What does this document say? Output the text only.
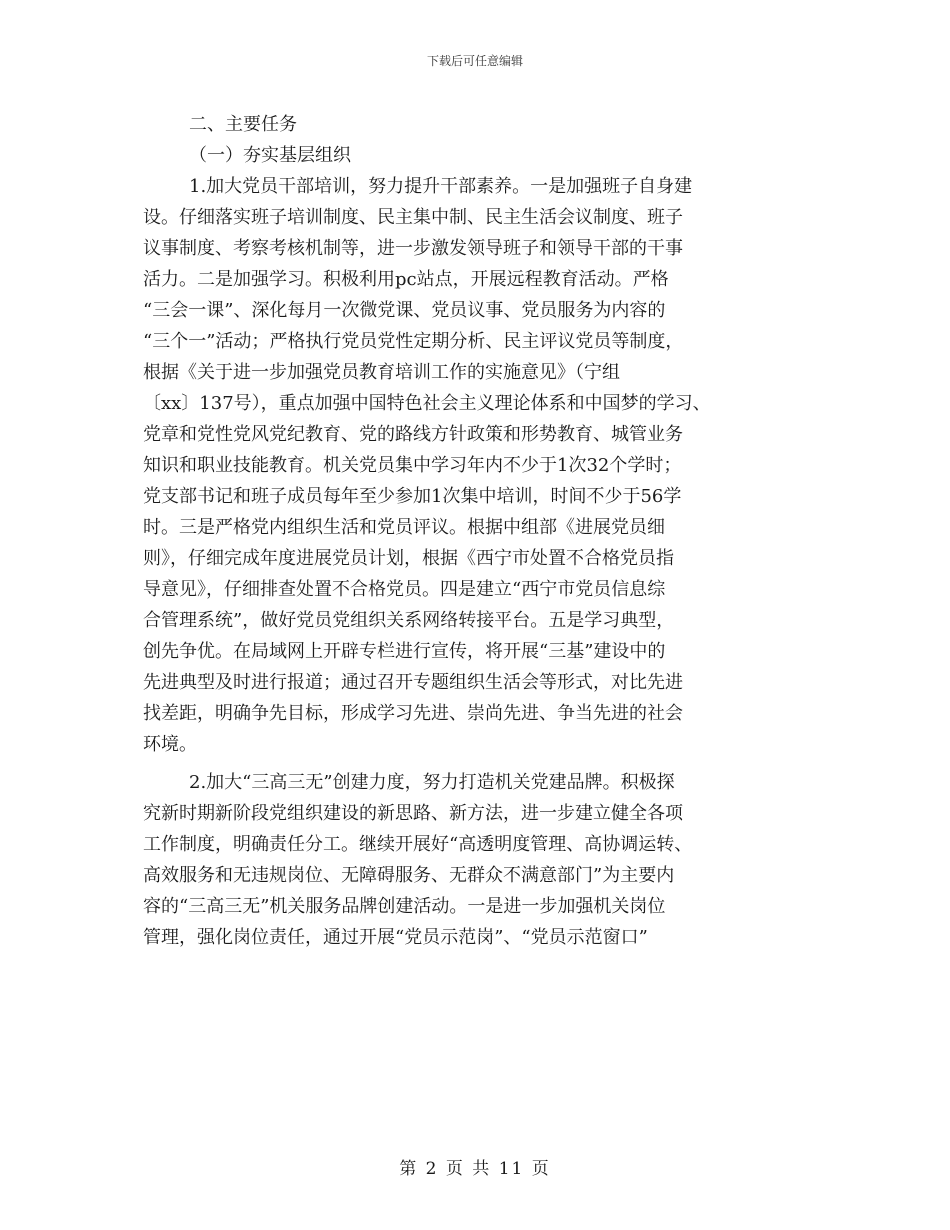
下载后可任意编辑
二、主要任务
（一）夯实基层组织
1.加大党员干部培训，努力提升干部素养。一是加强班子自身建
设。仔细落实班子培训制度、民主集中制、民主生活会议制度、班子
议事制度、考察考核机制等，进一步激发领导班子和领导干部的干事
活力。二是加强学习。积极利用pc站点，开展远程教育活动。严格
“三会一课”、深化每月一次微党课、党员议事、党员服务为内容的
“三个一”活动；严格执行党员党性定期分析、民主评议党员等制度，
根据《关于进一步加强党员教育培训工作的实施意见》（宁组
〔xx〕137号），重点加强中国特色社会主义理论体系和中国梦的学习、
党章和党性党风党纪教育、党的路线方针政策和形势教育、城管业务
知识和职业技能教育。机关党员集中学习年内不少于1次32个学时；
党支部书记和班子成员每年至少参加1次集中培训，时间不少于56学
时。三是严格党内组织生活和党员评议。根据中组部《进展党员细
则》，仔细完成年度进展党员计划，根据《西宁市处置不合格党员指
导意见》，仔细排查处置不合格党员。四是建立“西宁市党员信息综
合管理系统”，做好党员党组织关系网络转接平台。五是学习典型，
创先争优。在局域网上开辟专栏进行宣传，将开展“三基”建设中的
先进典型及时进行报道；通过召开专题组织生活会等形式，对比先进
找差距，明确争先目标，形成学习先进、崇尚先进、争当先进的社会
环境。
2.加大“三高三无”创建力度，努力打造机关党建品牌。积极探
究新时期新阶段党组织建设的新思路、新方法，进一步建立健全各项
工作制度，明确责任分工。继续开展好“高透明度管理、高协调运转、
高效服务和无违规岗位、无障碍服务、无群众不满意部门”为主要内
容的“三高三无”机关服务品牌创建活动。一是进一步加强机关岗位
管理，强化岗位责任，通过开展“党员示范岗”、“党员示范窗口”
第 2 页 共 11 页
